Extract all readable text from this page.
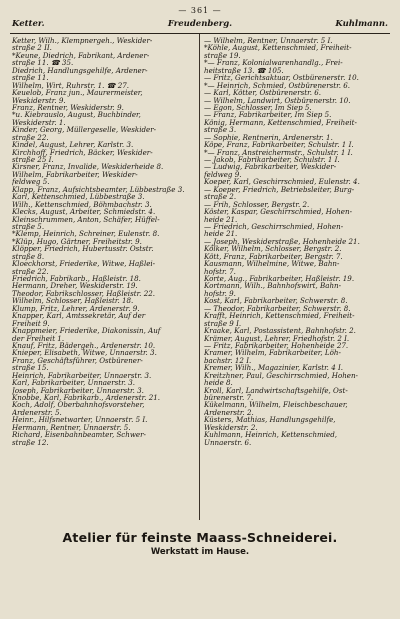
— 361 —
Ketter.	Freudenberg.	Kuhlmann.
Ketter, Wilh., Klempnergeh., Weskider-
straße 2 II.
*Keune, Diedrich, Fabrikant, Ardener-
straße 11. ☎ 35.
Diedrich, Handlungsgehilfe, Ardener-
straße 11.
Wilhelm, Wirt, Ruhrstr. 1. ☎ 27.
Keuelob, Franz jun., Maurermeister,
Weskiderstr. 9.
Franz, Rentner, Weskiderstr. 9.
*u. Kiebrauslo, August, Buchbinder,
Weskiderstr. 1.
Kinder, Georg, Müllergeselle, Weskider-
straße 22.
Kindel, August, Lehrer, Karlstr. 3.
Kirchhoff, Friedrich, Bäcker, Weskider-
straße 25 I.
Kirsner, Franz, Invalide, Weskiderheide 8.
Wilhelm, Fabrikarbeiter, Weskider-
feldweg 5.
Klapp, Franz, Aufsichtsbeamter, Lübbestraße 3.
Karl, Kettenschmied, Lübbestraße 3.
Wilh., Kettenschmied, Böhmbachstr. 3.
Klecks, August, Arbeiter, Schmiedstr. 4.
Kleinschrummen, Anton, Schäfer, Hüffel-
straße 5.
*Klemp, Heinrich, Schreiner, Eulenstr. 8.
*Klüp, Hugo, Gärtner, Freiheitstr. 9.
Klöpper, Friedrich, Hubertusstr. Oststr.
straße 8.
Kloeckhorst, Friederike, Witwe, Haßlei-
straße 22.
Friedrich, Fabrikarb., Haßleistr. 18.
Hermann, Dreher, Weskiderstr. 19.
Theodor, Fabrikschlosser, Haßleistr. 22.
Wilhelm, Schlosser, Haßleistr. 18.
Klump, Fritz, Lehrer, Ardenerstr. 9.
Knapper, Karl, Amtssekretär, Auf der
Freiheit 9.
Knappmeier, Friederike, Diakonissin, Auf
der Freiheit 1.
Knauf, Fritz, Bädergeh., Ardenerstr. 10.
Knieper, Elisabeth, Witwe, Unnaerstr. 3.
Franz, Geschäftsführer, Ostbürener-
straße 15.
Heinrich, Fabrikarbeiter, Unnaerstr. 3.
Karl, Fabrikarbeiter, Unnaerstr. 3.
Joseph, Fabrikarbeiter, Unnaerstr. 3.
Knobbe, Karl, Fabrikarb., Ardenerstr. 21.
Koch, Adolf, Oberbahnhofsvorsteher,
Ardenerstr. 5.
Heinr., Hilfsnetwarter, Unnaerstr. 5 I.
Hermann, Rentner, Unnaerstr. 5.
Richard, Eisenbahnbeamter, Schwer-
straße 12.
— Wilhelm, Rentner, Unnaerstr. 5 I.
*Köhle, August, Kettenschmied, Freiheit-
straße 19.
*— Franz, Kolonialwarenhandlg., Frei-
heitstraße 13. ☎ 105.
— Fritz, Gerichtsaktuar, Ostbürenerstr. 10.
*— Heinrich, Schmied, Ostbürenerstr. 6.
— Karl, Kötter, Ostbürenerstr. 6.
— Wilhelm, Landwirt, Ostbürenerstr. 10.
— Egon, Schlosser, Im Siep 5.
— Franz, Fabrikarbeiter, Im Siep 5.
König, Hermann, Kettenschmied, Freiheit-
straße 3.
— Sophie, Rentnerin, Ardenerstr. 1.
Köpe, Franz, Fabrikarbeiter, Schulstr. 1 I.
*— Franz, Anstreichermstr., Schulstr. 1 I.
— Jakob, Fabrikarbeiter, Schulstr. 1 I.
— Ludwig, Fabrikarbeiter, Weskider-
feldweg 9.
Koeper, Karl, Geschirrschmied, Eulenstr. 4.
— Koeper, Friedrich, Betriebsleiter, Burg-
straße 2.
— Frih, Schlosser, Bergstr. 2.
Köster, Kaspar, Geschirrschmied, Hohen-
heide 21.
— Friedrich, Geschirrschmied, Hohen-
heide 21.
— Joseph, Weskiderstraße, Hohenheide 21.
Kölker, Wilhelm, Schlosser, Bergstr. 2.
Kött, Franz, Fabrikarbeiter, Bergstr. 7.
Kausmann, Wilhelmine, Witwe, Bahn-
hofstr. 7.
Korte, Aug., Fabrikarbeiter, Haßleistr. 19.
Kortmann, Wilh., Bahnhofswirt, Bahn-
hofstr. 9.
Kost, Karl, Fabrikarbeiter, Schwerstr. 8.
— Theodor, Fabrikarbeiter, Schwerstr. 8.
Krafft, Heinrich, Kettenschmied, Freiheit-
straße 9 I.
Kraake, Karl, Postassistent, Bahnhofstr. 2.
Krämer, August, Lehrer, Friedhofstr. 2 I.
— Fritz, Fabrikarbeiter, Hohenheide 27.
Kramer, Wilhelm, Fabrikarbeiter, Löh-
bachstr. 12 I.
Kremer, Wilh., Magazinier, Karlstr. 4 I.
Kreitzhner, Paul, Geschirrschmied, Hohen-
heide 8.
Kroll, Karl, Landwirtschaftsgehilfe, Ost-
bürenerstr. 7.
Kükelmann, Wilhelm, Fleischbeschauer,
Ardenerstr. 2.
Küsters, Mathias, Handlungsgehilfe,
Weskiderstr. 2.
Kuhlmann, Heinrich, Kettenschmied,
Unnaerstr. 6.
Atelier für feinste Maass-Schneiderei.
Werkstatt im Hause.
